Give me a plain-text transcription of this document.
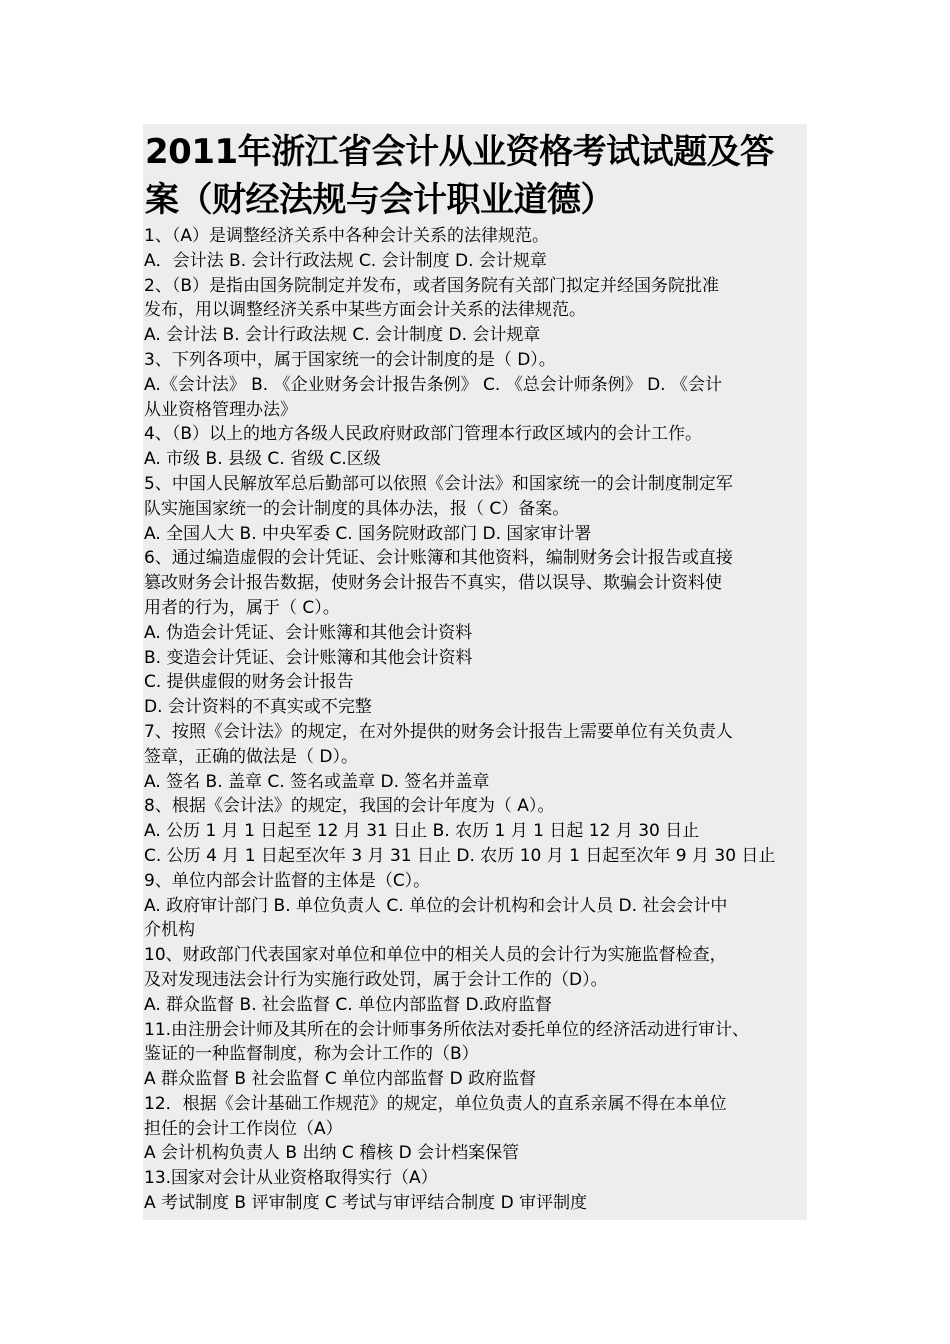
2011年浙江省会计从业资格考试试题及答
案（财经法规与会计职业道德）

1、（A）是调整经济关系中各种会计关系的法律规范。

A．会计法 B. 会计行政法规 C. 会计制度 D. 会计规章

2、（B）是指由国务院制定并发布，或者国务院有关部门拟定并经国务院批准

发布，用以调整经济关系中某些方面会计关系的法律规范。

A. 会计法 B. 会计行政法规 C. 会计制度 D. 会计规章

3、下列各项中，属于国家统一的会计制度的是（ D）。

A.《会计法》 B. 《企业财务会计报告条例》 C. 《总会计师条例》 D. 《会计

从业资格管理办法》

4、（B）以上的地方各级人民政府财政部门管理本行政区域内的会计工作。

A. 市级 B. 县级 C. 省级 C.区级

5、中国人民解放军总后勤部可以依照《会计法》和国家统一的会计制度制定军

队实施国家统一的会计制度的具体办法，报（ C）备案。

A. 全国人大 B. 中央军委 C. 国务院财政部门 D. 国家审计署

6、通过编造虚假的会计凭证、会计账簿和其他资料，编制财务会计报告或直接

篡改财务会计报告数据，使财务会计报告不真实，借以误导、欺骗会计资料使

用者的行为，属于（ C）。

A. 伪造会计凭证、会计账簿和其他会计资料

B. 变造会计凭证、会计账簿和其他会计资料

C. 提供虚假的财务会计报告

D. 会计资料的不真实或不完整

7、按照《会计法》的规定，在对外提供的财务会计报告上需要单位有关负责人

签章，正确的做法是（ D）。

A. 签名 B. 盖章 C. 签名或盖章 D. 签名并盖章

8、根据《会计法》的规定，我国的会计年度为（ A）。

A. 公历 1 月 1 日起至 12 月 31 日止 B. 农历 1 月 1 日起 12 月 30 日止

C. 公历 4 月 1 日起至次年 3 月 31 日止 D. 农历 10 月 1 日起至次年 9 月 30 日止

9、单位内部会计监督的主体是（C）。

A. 政府审计部门 B. 单位负责人 C. 单位的会计机构和会计人员 D. 社会会计中

介机构

10、财政部门代表国家对单位和单位中的相关人员的会计行为实施监督检查，

及对发现违法会计行为实施行政处罚，属于会计工作的（D）。

A. 群众监督 B. 社会监督 C. 单位内部监督 D.政府监督

11.由注册会计师及其所在的会计师事务所依法对委托单位的经济活动进行审计、

鉴证的一种监督制度，称为会计工作的（B）

A 群众监督 B 社会监督 C 单位内部监督 D 政府监督

12．根据《会计基础工作规范》的规定，单位负责人的直系亲属不得在本单位

担任的会计工作岗位（A）

A 会计机构负责人 B 出纳 C 稽核 D 会计档案保管

13.国家对会计从业资格取得实行（A）

A 考试制度 B 评审制度 C 考试与审评结合制度 D 审评制度
